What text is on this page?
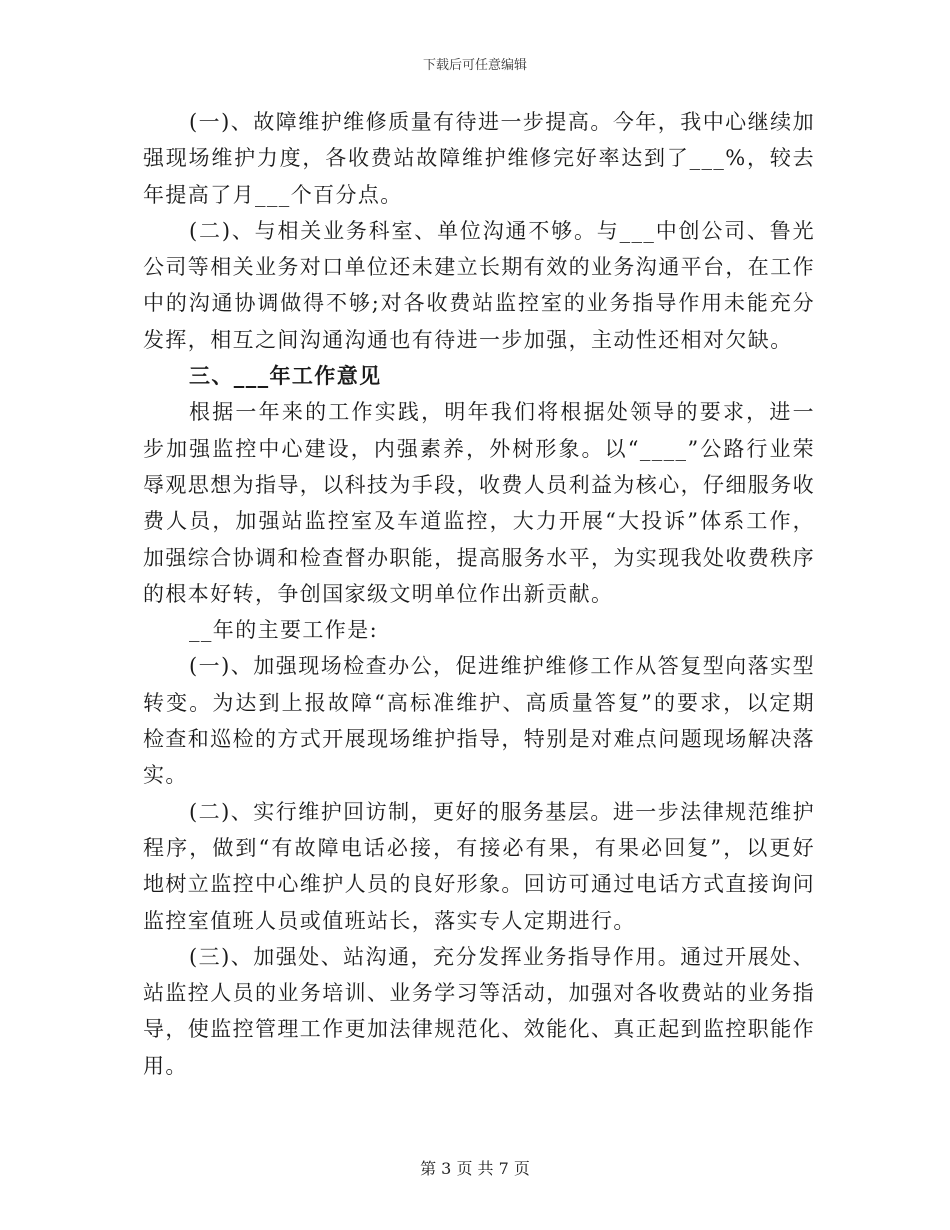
下载后可任意编辑

(一)、故障维护维修质量有待进一步提高。今年，我中心继续加强现场维护力度，各收费站故障维护维修完好率达到了___%，较去年提高了月___个百分点。

(二)、与相关业务科室、单位沟通不够。与___中创公司、鲁光公司等相关业务对口单位还未建立长期有效的业务沟通平台，在工作中的沟通协调做得不够;对各收费站监控室的业务指导作用未能充分发挥，相互之间沟通沟通也有待进一步加强，主动性还相对欠缺。

三、___年工作意见

根据一年来的工作实践，明年我们将根据处领导的要求，进一步加强监控中心建设，内强素养，外树形象。以“____”公路行业荣辱观思想为指导，以科技为手段，收费人员利益为核心，仔细服务收费人员，加强站监控室及车道监控，大力开展“大投诉”体系工作，加强综合协调和检查督办职能，提高服务水平，为实现我处收费秩序的根本好转，争创国家级文明单位作出新贡献。

__年的主要工作是:

(一)、加强现场检查办公，促进维护维修工作从答复型向落实型转变。为达到上报故障“高标准维护、高质量答复”的要求，以定期检查和巡检的方式开展现场维护指导，特别是对难点问题现场解决落实。

(二)、实行维护回访制，更好的服务基层。进一步法律规范维护程序，做到“有故障电话必接，有接必有果，有果必回复”，以更好地树立监控中心维护人员的良好形象。回访可通过电话方式直接询问监控室值班人员或值班站长，落实专人定期进行。

(三)、加强处、站沟通，充分发挥业务指导作用。通过开展处、站监控人员的业务培训、业务学习等活动，加强对各收费站的业务指导，使监控管理工作更加法律规范化、效能化、真正起到监控职能作用。

第 3 页 共 7 页
